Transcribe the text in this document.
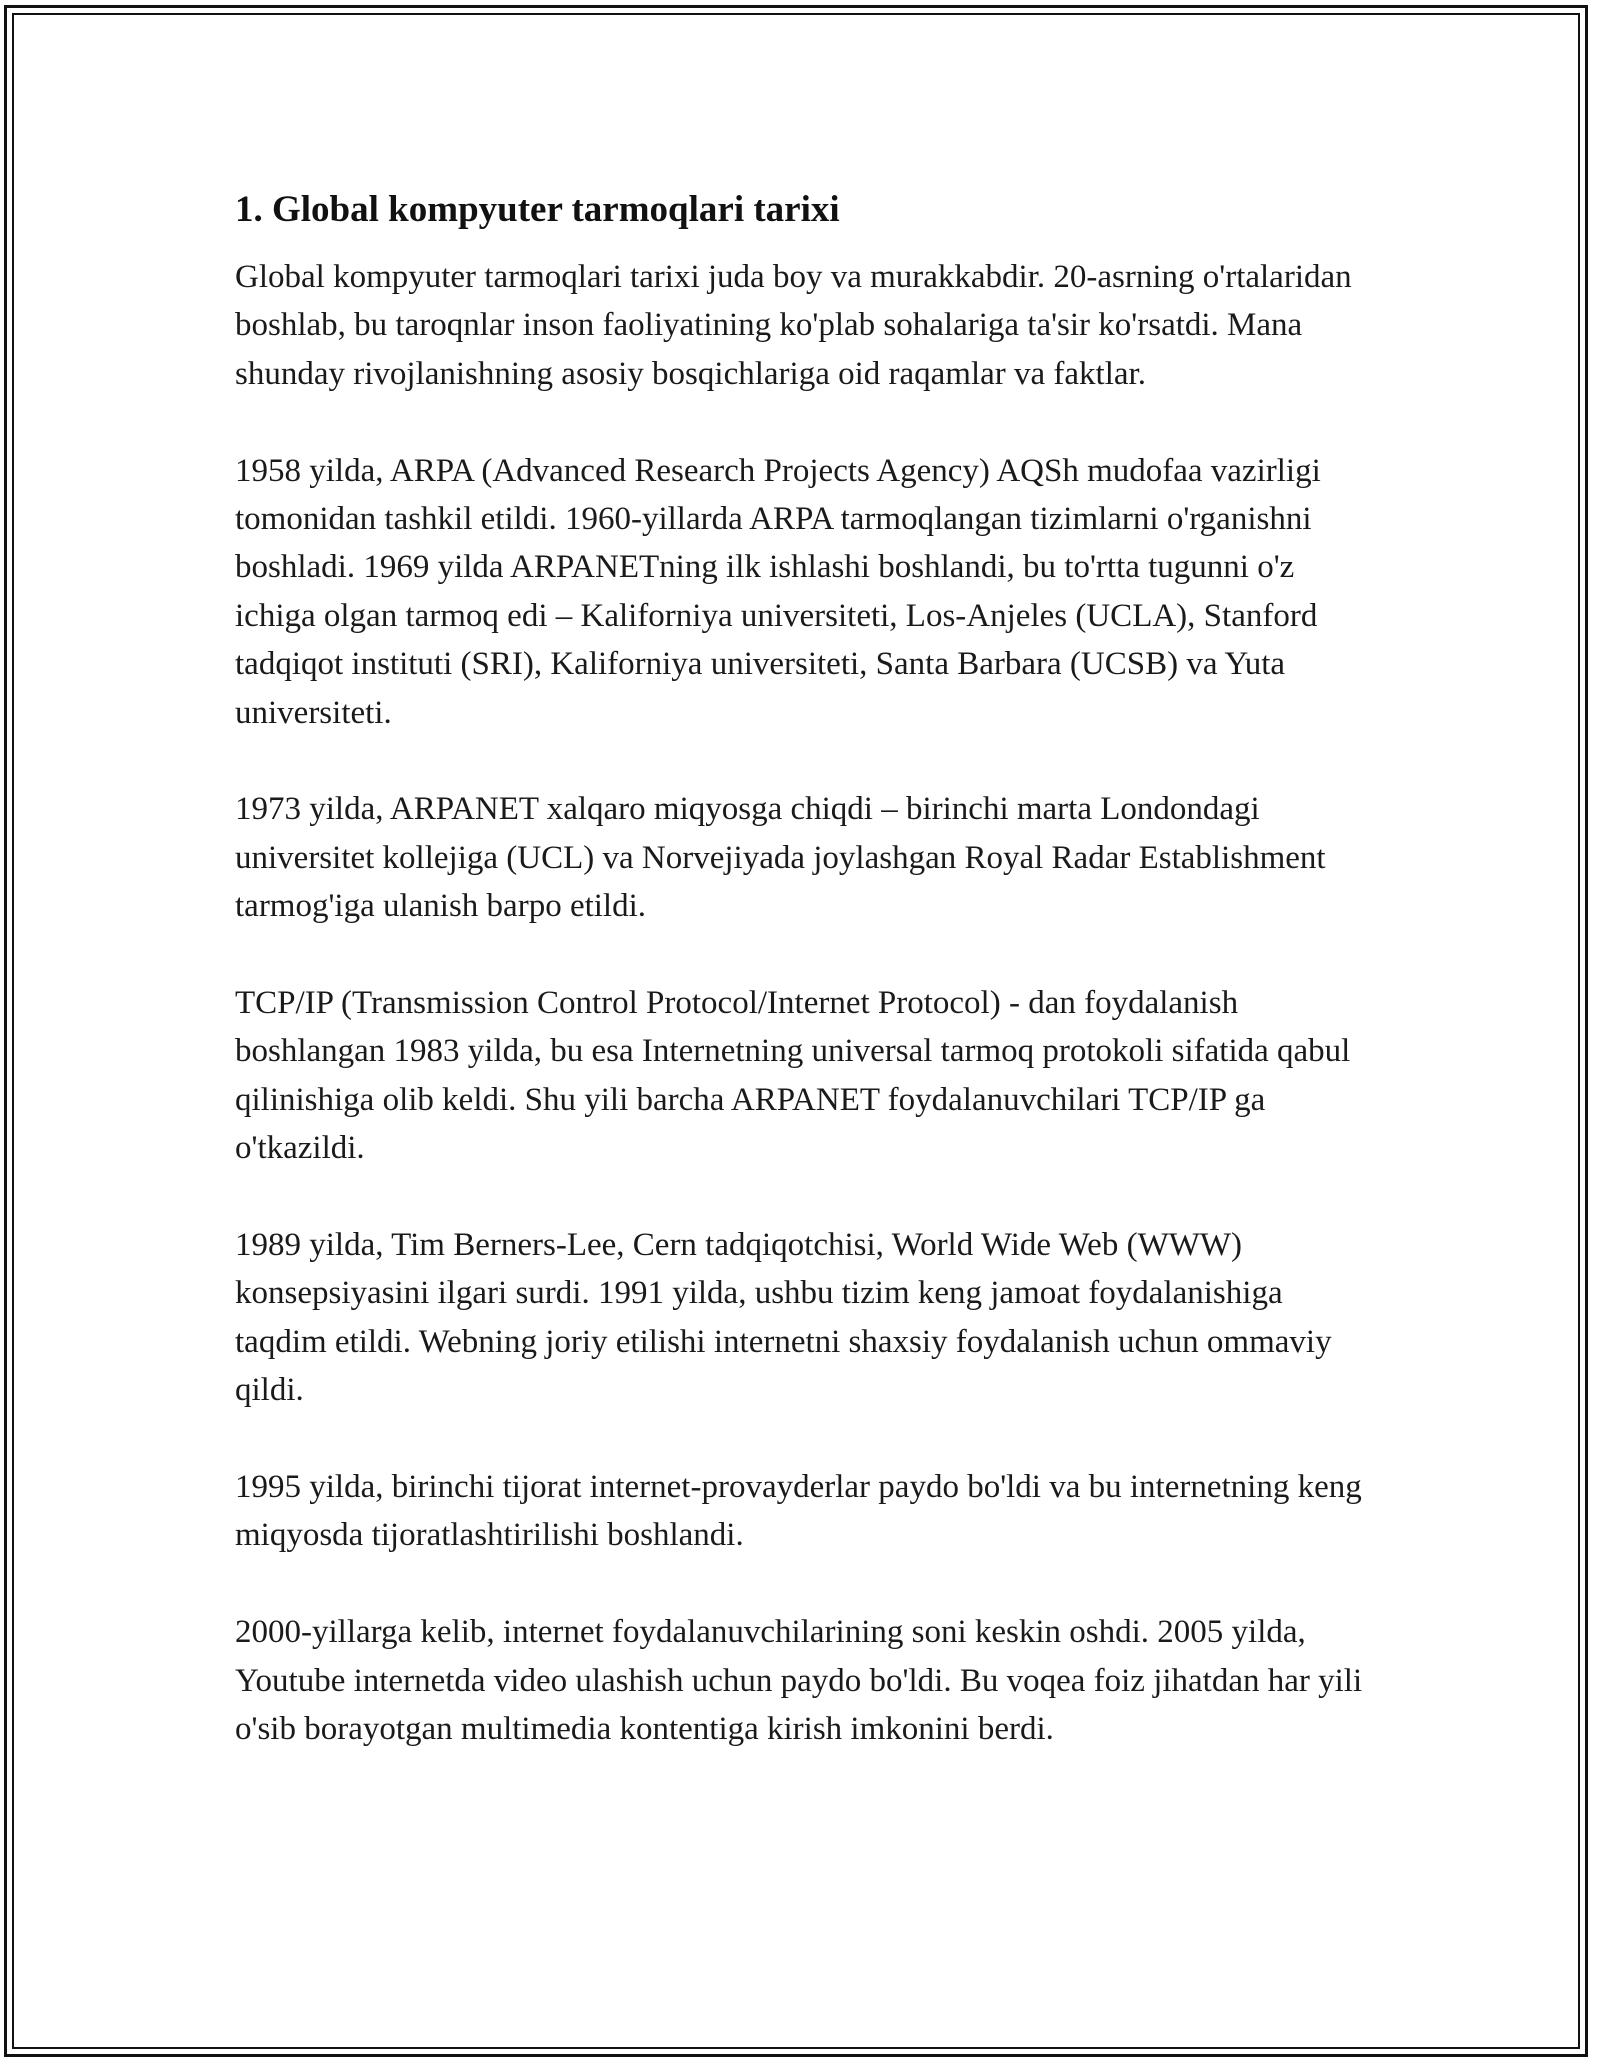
1. Global kompyuter tarmoqlari tarixi

Global kompyuter tarmoqlari tarixi juda boy va murakkabdir. 20-asrning o'rtalaridan boshlab, bu taroqnlar inson faoliyatining ko'plab sohalariga ta'sir ko'rsatdi. Mana shunday rivojlanishning asosiy bosqichlariga oid raqamlar va faktlar.

1958 yilda, ARPA (Advanced Research Projects Agency) AQSh mudofaa vazirligi tomonidan tashkil etildi. 1960-yillarda ARPA tarmoqlangan tizimlarni o'rganishni boshladi. 1969 yilda ARPANETning ilk ishlashi boshlandi, bu to'rtta tugunni o'z ichiga olgan tarmoq edi – Kaliforniya universiteti, Los-Anjeles (UCLA), Stanford tadqiqot instituti (SRI), Kaliforniya universiteti, Santa Barbara (UCSB) va Yuta universiteti.

1973 yilda, ARPANET xalqaro miqyosga chiqdi – birinchi marta Londondagi universitet kollejiga (UCL) va Norvejiyada joylashgan Royal Radar Establishment tarmog'iga ulanish barpo etildi.

TCP/IP (Transmission Control Protocol/Internet Protocol) - dan foydalanish boshlangan 1983 yilda, bu esa Internetning universal tarmoq protokoli sifatida qabul qilinishiga olib keldi. Shu yili barcha ARPANET foydalanuvchilari TCP/IP ga o'tkazildi.

1989 yilda, Tim Berners-Lee, Cern tadqiqotchisi, World Wide Web (WWW) konsepsiyasini ilgari surdi. 1991 yilda, ushbu tizim keng jamoat foydalanishiga taqdim etildi. Webning joriy etilishi internetni shaxsiy foydalanish uchun ommaviy qildi.

1995 yilda, birinchi tijorat internet-provayderlar paydo bo'ldi va bu internetning keng miqyosda tijoratlashtirilishi boshlandi.

2000-yillarga kelib, internet foydalanuvchilarining soni keskin oshdi. 2005 yilda, Youtube internetda video ulashish uchun paydo bo'ldi. Bu voqea foiz jihatdan har yili o'sib borayotgan multimedia kontentiga kirish imkonini berdi.
